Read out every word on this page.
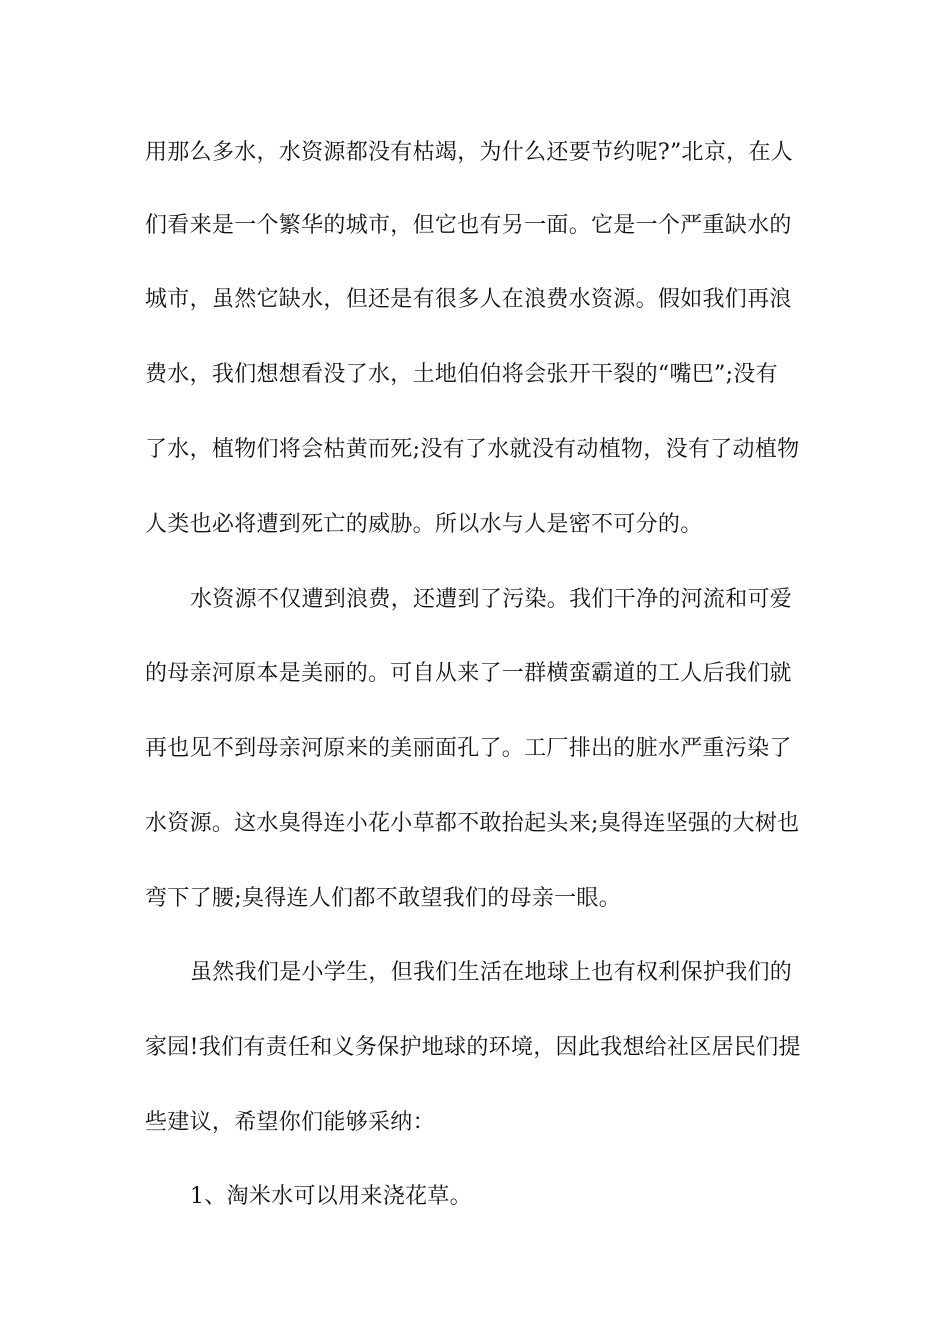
用那么多水，水资源都没有枯竭，为什么还要节约呢?”北京，在人

们看来是一个繁华的城市，但它也有另一面。它是一个严重缺水的

城市，虽然它缺水，但还是有很多人在浪费水资源。假如我们再浪

费水，我们想想看没了水，土地伯伯将会张开干裂的“嘴巴”;没有

了水，植物们将会枯黄而死;没有了水就没有动植物，没有了动植物

人类也必将遭到死亡的威胁。所以水与人是密不可分的。

水资源不仅遭到浪费，还遭到了污染。我们干净的河流和可爱

的母亲河原本是美丽的。可自从来了一群横蛮霸道的工人后我们就

再也见不到母亲河原来的美丽面孔了。工厂排出的脏水严重污染了

水资源。这水臭得连小花小草都不敢抬起头来;臭得连坚强的大树也

弯下了腰;臭得连人们都不敢望我们的母亲一眼。

虽然我们是小学生，但我们生活在地球上也有权利保护我们的

家园!我们有责任和义务保护地球的环境，因此我想给社区居民们提

些建议，希望你们能够采纳：

1、淘米水可以用来浇花草。
